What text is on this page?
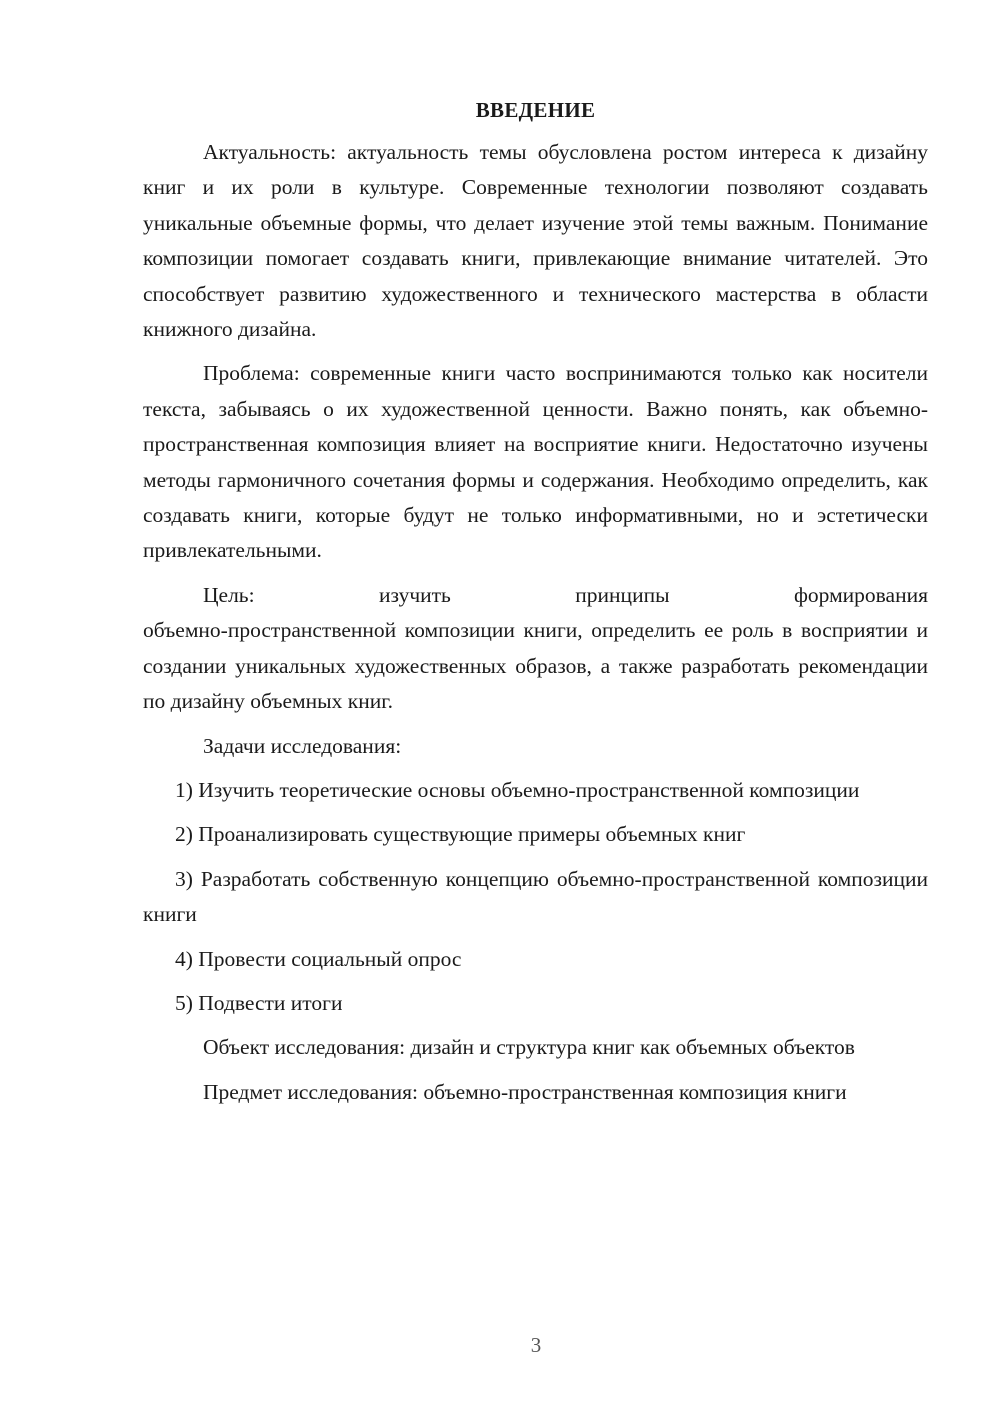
ВВЕДЕНИЕ

Актуальность: актуальность темы обусловлена ростом интереса к дизайну книг и их роли в культуре. Современные технологии позволяют создавать уникальные объемные формы, что делает изучение этой темы важным. Понимание композиции помогает создавать книги, привлекающие внимание читателей. Это способствует развитию художественного и технического мастерства в области книжного дизайна.

Проблема: современные книги часто воспринимаются только как носители текста, забываясь о их художественной ценности. Важно понять, как объемно-пространственная композиция влияет на восприятие книги. Недостаточно изучены методы гармоничного сочетания формы и содержания. Необходимо определить, как создавать книги, которые будут не только информативными, но и эстетически привлекательными.

Цель: изучить принципы формирования
объемно-пространственной композиции книги, определить ее роль в восприятии и создании уникальных художественных образов, а также разработать рекомендации по дизайну объемных книг.

Задачи исследования:

1) Изучить теоретические основы объемно-пространственной композиции

2) Проанализировать существующие примеры объемных книг

3) Разработать собственную концепцию объемно-пространственной композиции книги

4) Провести социальный опрос

5) Подвести итоги

Объект исследования: дизайн и структура книг как объемных объектов

Предмет исследования: объемно-пространственная композиция книги

3
